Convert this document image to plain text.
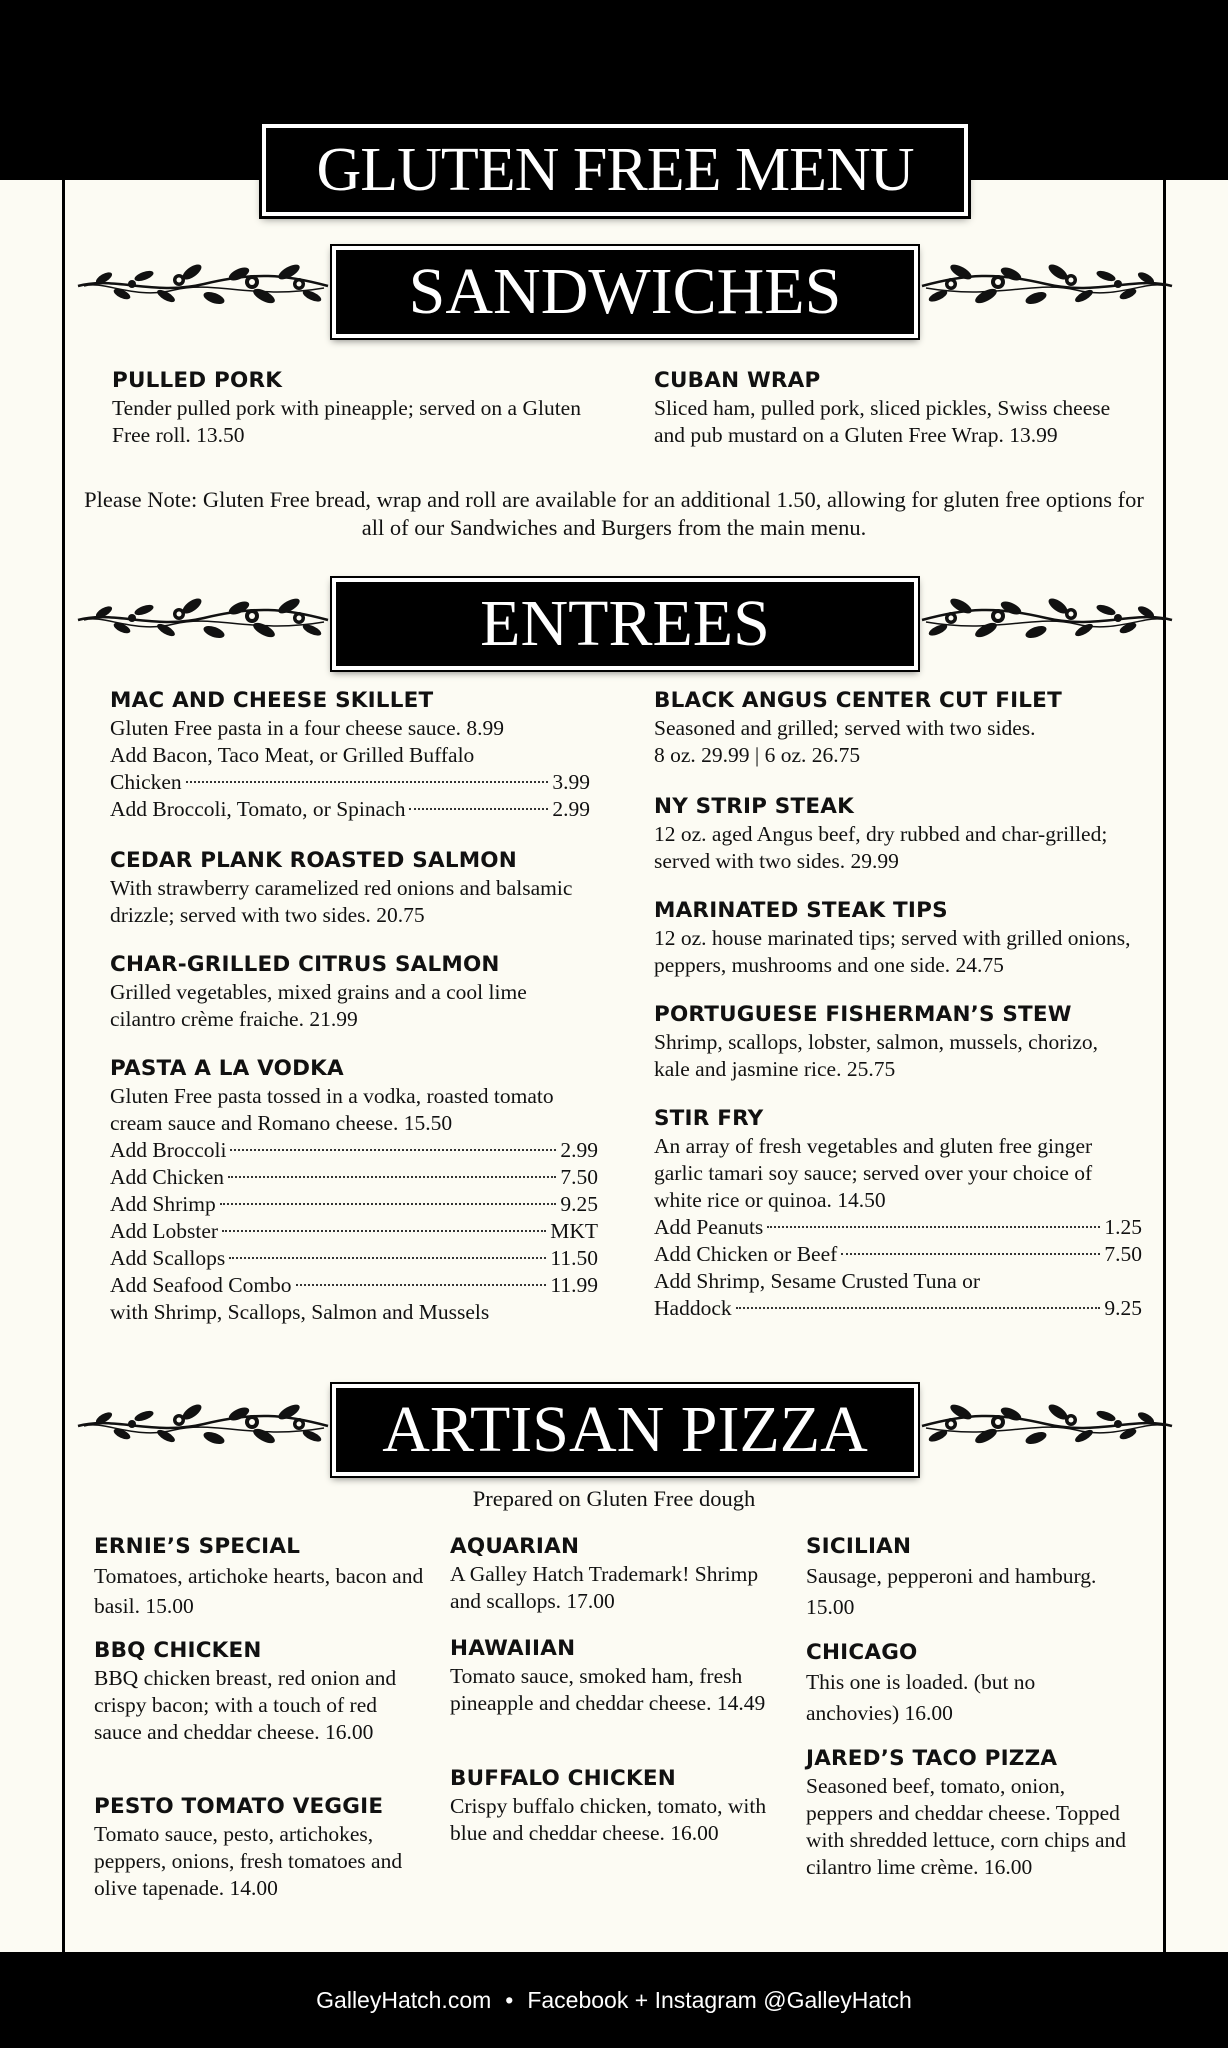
GLUTEN FREE MENU
SANDWICHES
PULLED PORK
Tender pulled pork with pineapple; served on a Gluten Free roll. 13.50
CUBAN WRAP
Sliced ham, pulled pork, sliced pickles, Swiss cheese and pub mustard on a Gluten Free Wrap. 13.99
Please Note: Gluten Free bread, wrap and roll are available for an additional 1.50, allowing for gluten free options for all of our Sandwiches and Burgers from the main menu.
ENTREES
MAC AND CHEESE SKILLET
Gluten Free pasta in a four cheese sauce. 8.99
Add Bacon, Taco Meat, or Grilled Buffalo
Chicken	3.99
Add Broccoli, Tomato, or Spinach	2.99
CEDAR PLANK ROASTED SALMON
With strawberry caramelized red onions and balsamic drizzle; served with two sides. 20.75
CHAR-GRILLED CITRUS SALMON
Grilled vegetables, mixed grains and a cool lime cilantro crème fraiche. 21.99
PASTA A LA VODKA
Gluten Free pasta tossed in a vodka, roasted tomato cream sauce and Romano cheese. 15.50
Add Broccoli	2.99
Add Chicken	7.50
Add Shrimp	9.25
Add Lobster	MKT
Add Scallops	11.50
Add Seafood Combo	11.99
with Shrimp, Scallops, Salmon and Mussels
BLACK ANGUS CENTER CUT FILET
Seasoned and grilled; served with two sides.
8 oz. 29.99 | 6 oz. 26.75
NY STRIP STEAK
12 oz. aged Angus beef, dry rubbed and char-grilled; served with two sides. 29.99
MARINATED STEAK TIPS
12 oz. house marinated tips; served with grilled onions, peppers, mushrooms and one side. 24.75
PORTUGUESE FISHERMAN’S STEW
Shrimp, scallops, lobster, salmon, mussels, chorizo, kale and jasmine rice. 25.75
STIR FRY
An array of fresh vegetables and gluten free ginger garlic tamari soy sauce; served over your choice of white rice or quinoa. 14.50
Add Peanuts	1.25
Add Chicken or Beef	7.50
Add Shrimp, Sesame Crusted Tuna or
Haddock	9.25
ARTISAN PIZZA
Prepared on Gluten Free dough
ERNIE’S SPECIAL
Tomatoes, artichoke hearts, bacon and basil. 15.00
BBQ CHICKEN
BBQ chicken breast, red onion and crispy bacon; with a touch of red sauce and cheddar cheese. 16.00
PESTO TOMATO VEGGIE
Tomato sauce, pesto, artichokes, peppers, onions, fresh tomatoes and olive tapenade. 14.00
AQUARIAN
A Galley Hatch Trademark! Shrimp and scallops. 17.00
HAWAIIAN
Tomato sauce, smoked ham, fresh pineapple and cheddar cheese. 14.49
BUFFALO CHICKEN
Crispy buffalo chicken, tomato, with blue and cheddar cheese. 16.00
SICILIAN
Sausage, pepperoni and hamburg. 15.00
CHICAGO
This one is loaded. (but no anchovies) 16.00
JARED’S TACO PIZZA
Seasoned beef, tomato, onion, peppers and cheddar cheese. Topped with shredded lettuce, corn chips and cilantro lime crème. 16.00
GalleyHatch.com • Facebook + Instagram @GalleyHatch
